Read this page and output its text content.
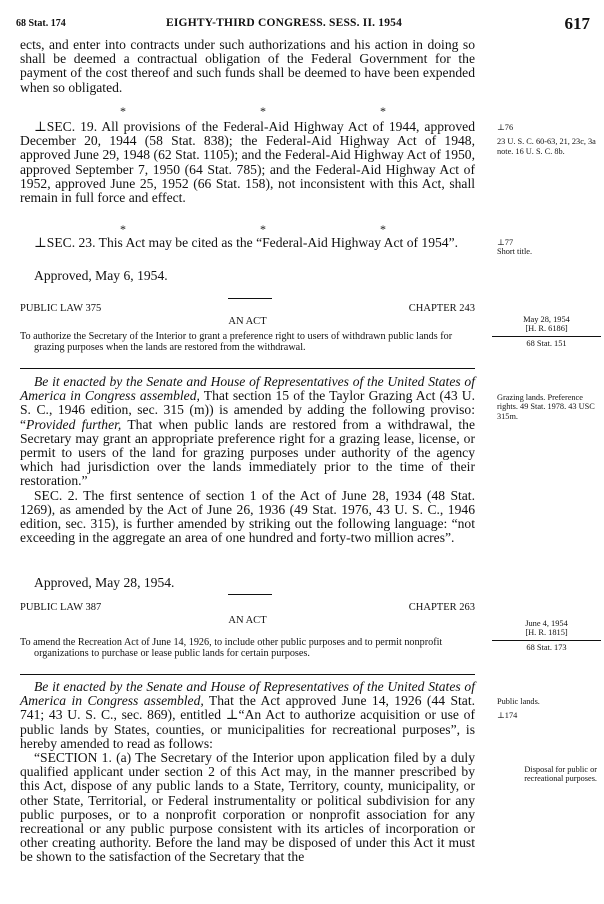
68 Stat. 174	EIGHTY-THIRD CONGRESS. SESS. II. 1954	617

ects, and enter into contracts under such authorizations and his action in doing so shall be deemed a contractual obligation of the Federal Government for the payment of the cost thereof and such funds shall be deemed to have been expended when so obligated.

*	*	*

⊥SEC. 19. All provisions of the Federal-Aid Highway Act of 1944, approved December 20, 1944 (58 Stat. 838); the Federal-Aid Highway Act of 1948, approved June 29, 1948 (62 Stat. 1105); and the Federal-Aid Highway Act of 1950, approved September 7, 1950 (64 Stat. 785); and the Federal-Aid Highway Act of 1952, approved June 25, 1952 (66 Stat. 158), not inconsistent with this Act, shall remain in full force and effect.

⊥76
23 U. S. C. 60-63, 21, 23c, 3a note. 16 U. S. C. 8b.
*	*	*

⊥SEC. 23. This Act may be cited as the “Federal-Aid Highway Act of 1954”.	⊥77
Short title.
Approved, May 6, 1954.
PUBLIC LAW 375	CHAPTER 243
AN ACT
To authorize the Secretary of the Interior to grant a preference right to users of withdrawn public lands for grazing purposes when the lands are restored from the withdrawal.
May 28, 1954
[H. R. 6186]
68 Stat. 151

Be it enacted by the Senate and House of Representatives of the United States of America in Congress assembled, That section 15 of the Taylor Grazing Act (43 U. S. C., 1946 edition, sec. 315 (m)) is amended by adding the following proviso: “Provided further, That when public lands are restored from a withdrawal, the Secretary may grant an appropriate preference right for a grazing lease, license, or permit to users of the land for grazing purposes under authority of the agency which had jurisdiction over the lands immediately prior to the time of their restoration.”

SEC. 2. The first sentence of section 1 of the Act of June 28, 1934 (48 Stat. 1269), as amended by the Act of June 26, 1936 (49 Stat. 1976, 43 U. S. C., 1946 edition, sec. 315), is further amended by striking out the following language: “not exceeding in the aggregate an area of one hundred and forty-two million acres”.

Grazing lands. Preference rights. 49 Stat. 1978. 43 USC 315m.
Approved, May 28, 1954.
PUBLIC LAW 387	CHAPTER 263
AN ACT
To amend the Recreation Act of June 14, 1926, to include other public purposes and to permit nonprofit organizations to purchase or lease public lands for certain purposes.
June 4, 1954
[H. R. 1815]
68 Stat. 173

Be it enacted by the Senate and House of Representatives of the United States of America in Congress assembled, That the Act approved June 14, 1926 (44 Stat. 741; 43 U. S. C., sec. 869), entitled ⊥“An Act to authorize acquisition or use of public lands by States, counties, or municipalities for recreational purposes”, is hereby amended to read as follows:

“SECTION 1. (a) The Secretary of the Interior upon application filed by a duly qualified applicant under section 2 of this Act may, in the manner prescribed by this Act, dispose of any public lands to a State, Territory, county, municipality, or other State, Territorial, or Federal instrumentality or political subdivision for any public purposes, or to a nonprofit corporation or nonprofit association for any recreational or any public purpose consistent with its articles of incorporation or other creating authority. Before the land may be disposed of under this Act it must be shown to the satisfaction of the Secretary that the

Public lands.
⊥174
Disposal for public or recreational purposes.
